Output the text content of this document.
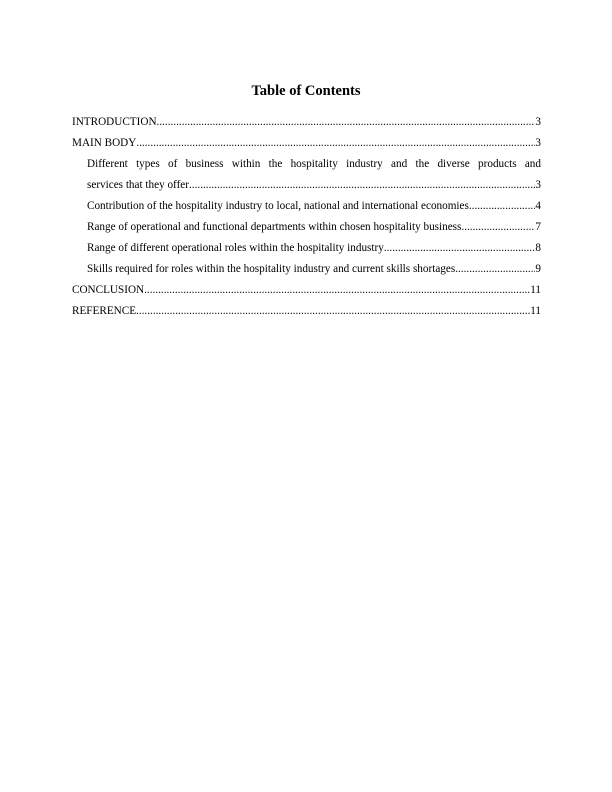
Table of Contents
INTRODUCTION .....	3
MAIN BODY .....	3
Different types of business within the hospitality industry and the diverse products and
services that they offer .....	3
Contribution of the hospitality industry to local, national and international economies .....	4
Range of operational and functional departments within chosen hospitality business .....	7
Range of different operational roles within the hospitality industry .....	8
Skills required for roles within the hospitality industry and current skills shortages .....	9
CONCLUSION .....	11
REFERENCE .....	11
